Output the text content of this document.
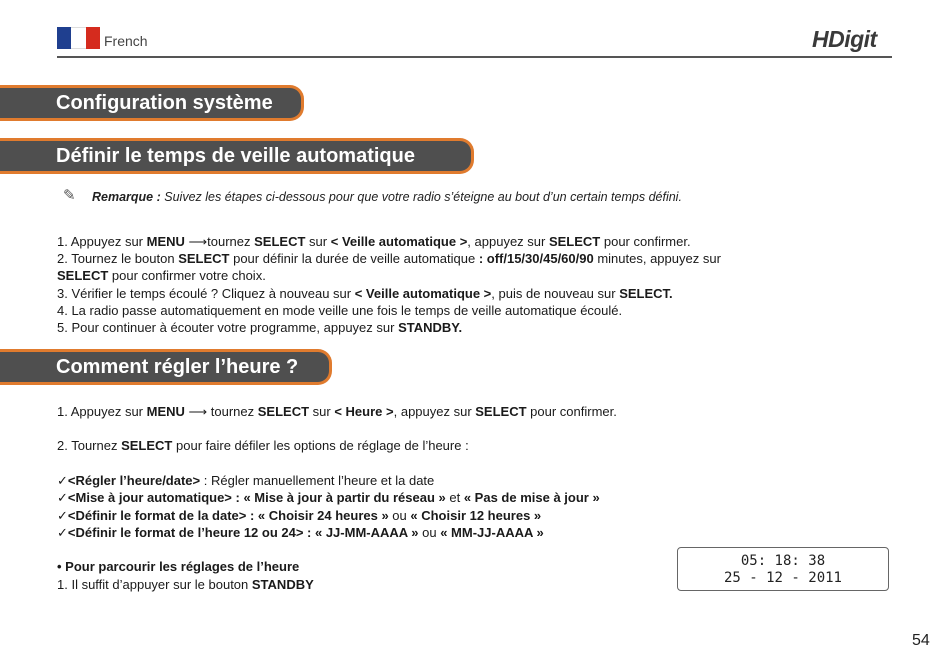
French	HDigit
Configuration système
Définir le temps de veille automatique
✎ Remarque : Suivez les étapes ci-dessous pour que votre radio s’éteigne au bout d’un certain temps défini.
1. Appuyez sur MENU ⟶tournez SELECT sur < Veille automatique >, appuyez sur SELECT pour confirmer.
2. Tournez le bouton SELECT pour définir la durée de veille automatique : off/15/30/45/60/90 minutes, appuyez sur
SELECT pour confirmer votre choix.
3. Vérifier le temps écoulé ? Cliquez à nouveau sur < Veille automatique >, puis de nouveau sur SELECT.
4. La radio passe automatiquement en mode veille une fois le temps de veille automatique écoulé.
5. Pour continuer à écouter votre programme, appuyez sur STANDBY.
Comment régler l’heure ?
1. Appuyez sur MENU ⟶ tournez SELECT sur < Heure >, appuyez sur SELECT pour confirmer.
2. Tournez SELECT pour faire défiler les options de réglage de l’heure :
✓<Régler l’heure/date> : Régler manuellement l’heure et la date
✓<Mise à jour automatique> : « Mise à jour à partir du réseau » et « Pas de mise à jour »
✓<Définir le format de la date> : « Choisir 24 heures » ou « Choisir 12 heures »
✓<Définir le format de l’heure 12 ou 24> : « JJ-MM-AAAA » ou « MM-JJ-AAAA »
• Pour parcourir les réglages de l’heure
1. Il suffit d’appuyer sur le bouton STANDBY
05: 18: 38
25 - 12 - 2011
54
